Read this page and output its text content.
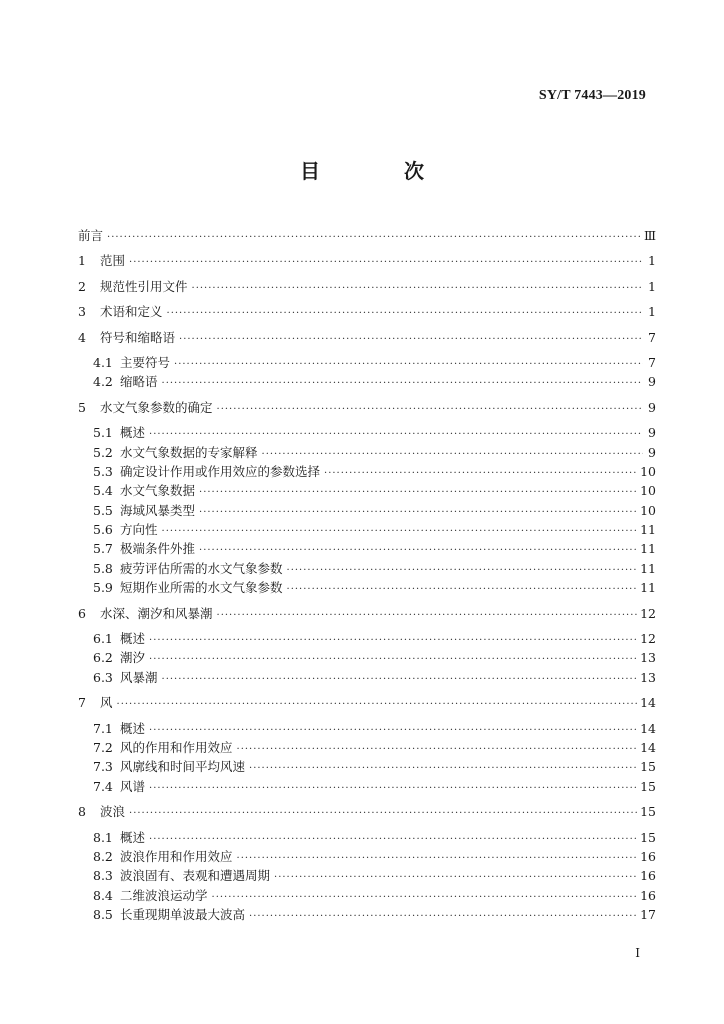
SY/T 7443—2019
目　次
前言 ·····	Ⅲ
1	范围 ·····	1
2	规范性引用文件 ·····	1
3	术语和定义 ·····	1
4	符号和缩略语 ·····	7
4.1 主要符号 ·····	7
4.2 缩略语 ·····	9
5	水文气象参数的确定 ·····	9
5.1 概述 ·····	9
5.2 水文气象数据的专家解释 ·····	9
5.3 确定设计作用或作用效应的参数选择 ·····	10
5.4 水文气象数据 ·····	10
5.5 海域风暴类型 ·····	10
5.6 方向性 ·····	11
5.7 极端条件外推 ·····	11
5.8 疲劳评估所需的水文气象参数 ·····	11
5.9 短期作业所需的水文气象参数 ·····	11
6	水深、潮汐和风暴潮 ·····	12
6.1 概述 ·····	12
6.2 潮汐 ·····	13
6.3 风暴潮 ·····	13
7	风 ·····	14
7.1 概述 ·····	14
7.2 风的作用和作用效应 ·····	14
7.3 风廓线和时间平均风速 ·····	15
7.4 风谱 ·····	15
8	波浪 ·····	15
8.1 概述 ·····	15
8.2 波浪作用和作用效应 ·····	16
8.3 波浪固有、表观和遭遇周期 ·····	16
8.4 二维波浪运动学 ·····	16
8.5 长重现期单波最大波高 ·····	17
I
